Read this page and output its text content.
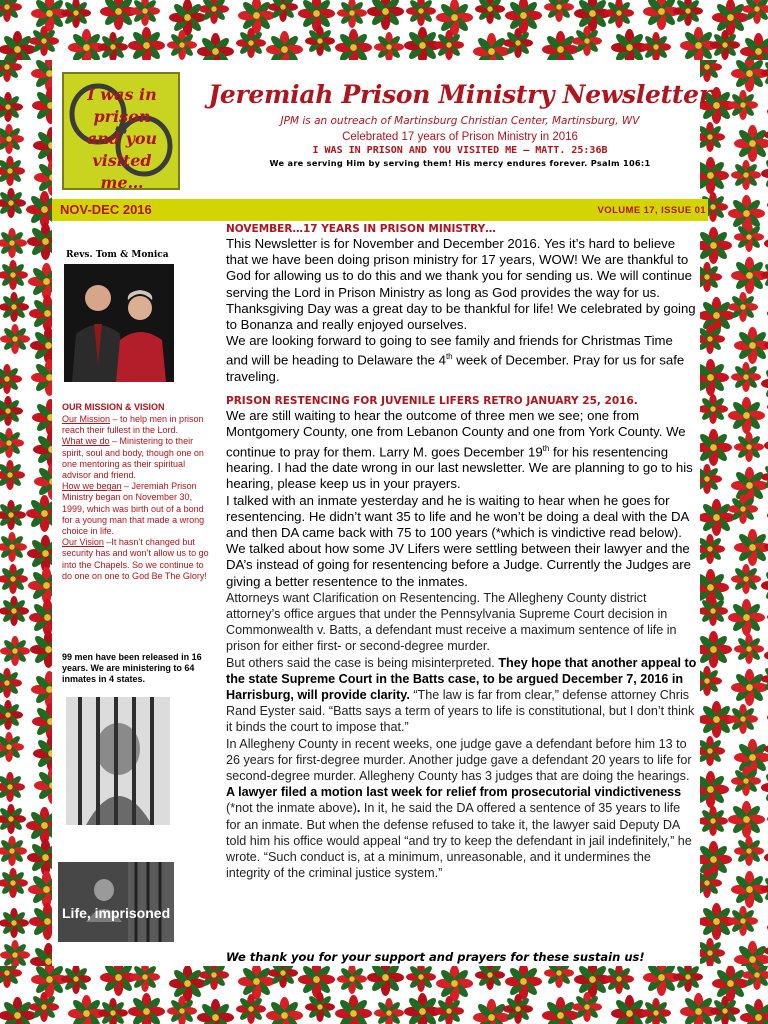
I was in prison
and you
visited me…
Jeremiah Prison Ministry Newsletter
JPM is an outreach of Martinsburg Christian Center, Martinsburg, WV
Celebrated 17 years of Prison Ministry in 2016
I WAS IN PRISON AND YOU VISITED ME – MATT. 25:36B
We are serving Him by serving them! His mercy endures forever. Psalm 106:1
NOV-DEC 2016	VOLUME 17, ISSUE 01
Revs. Tom & Monica
OUR MISSION & VISION
Our Mission – to help men in prison reach their fullest in the Lord.
What we do – Ministering to their spirit, soul and body, though one on one mentoring as their spiritual advisor and friend.
How we began – Jeremiah Prison Ministry began on November 30, 1999, which was birth out of a bond for a young man that made a wrong choice in life.
Our Vision –It hasn’t changed but security has and won’t allow us to go into the Chapels. So we continue to do one on one to God Be The Glory!
99 men have been released in 16 years. We are ministering to 64 inmates in 4 states.
Life, imprisoned

NOVEMBER…17 YEARS IN PRISON MINISTRY…

This Newsletter is for November and December 2016. Yes it’s hard to believe that we have been doing prison ministry for 17 years, WOW! We are thankful to God for allowing us to do this and we thank you for sending us. We will continue serving the Lord in Prison Ministry as long as God provides the way for us.

Thanksgiving Day was a great day to be thankful for life! We celebrated by going to Bonanza and really enjoyed ourselves.

We are looking forward to going to see family and friends for Christmas Time and will be heading to Delaware the 4th week of December. Pray for us for safe traveling.

PRISON RESTENCING FOR JUVENILE LIFERS RETRO JANUARY 25, 2016.

We are still waiting to hear the outcome of three men we see; one from Montgomery County, one from Lebanon County and one from York County. We continue to pray for them. Larry M. goes December 19th for his resentencing hearing. I had the date wrong in our last newsletter. We are planning to go to his hearing, please keep us in your prayers.

I talked with an inmate yesterday and he is waiting to hear when he goes for resentencing. He didn’t want 35 to life and he won’t be doing a deal with the DA and then DA came back with 75 to 100 years (*which is vindictive read below). We talked about how some JV Lifers were settling between their lawyer and the DA’s instead of going for resentencing before a Judge. Currently the Judges are giving a better resentence to the inmates.

Attorneys want Clarification on Resentencing. The Allegheny County district attorney’s office argues that under the Pennsylvania Supreme Court decision in Commonwealth v. Batts, a defendant must receive a maximum sentence of life in prison for either first- or second-degree murder.

But others said the case is being misinterpreted. They hope that another appeal to the state Supreme Court in the Batts case, to be argued December 7, 2016 in Harrisburg, will provide clarity. “The law is far from clear,” defense attorney Chris Rand Eyster said. “Batts says a term of years to life is constitutional, but I don’t think it binds the court to impose that.”

In Allegheny County in recent weeks, one judge gave a defendant before him 13 to 26 years for first-degree murder. Another judge gave a defendant 20 years to life for second-degree murder. Allegheny County has 3 judges that are doing the hearings. A lawyer filed a motion last week for relief from prosecutorial vindictiveness (*not the inmate above). In it, he said the DA offered a sentence of 35 years to life for an inmate. But when the defense refused to take it, the lawyer said Deputy DA told him his office would appeal “and try to keep the defendant in jail indefinitely,” he wrote. “Such conduct is, at a minimum, unreasonable, and it undermines the integrity of the criminal justice system.”

We thank you for your support and prayers for these sustain us!
